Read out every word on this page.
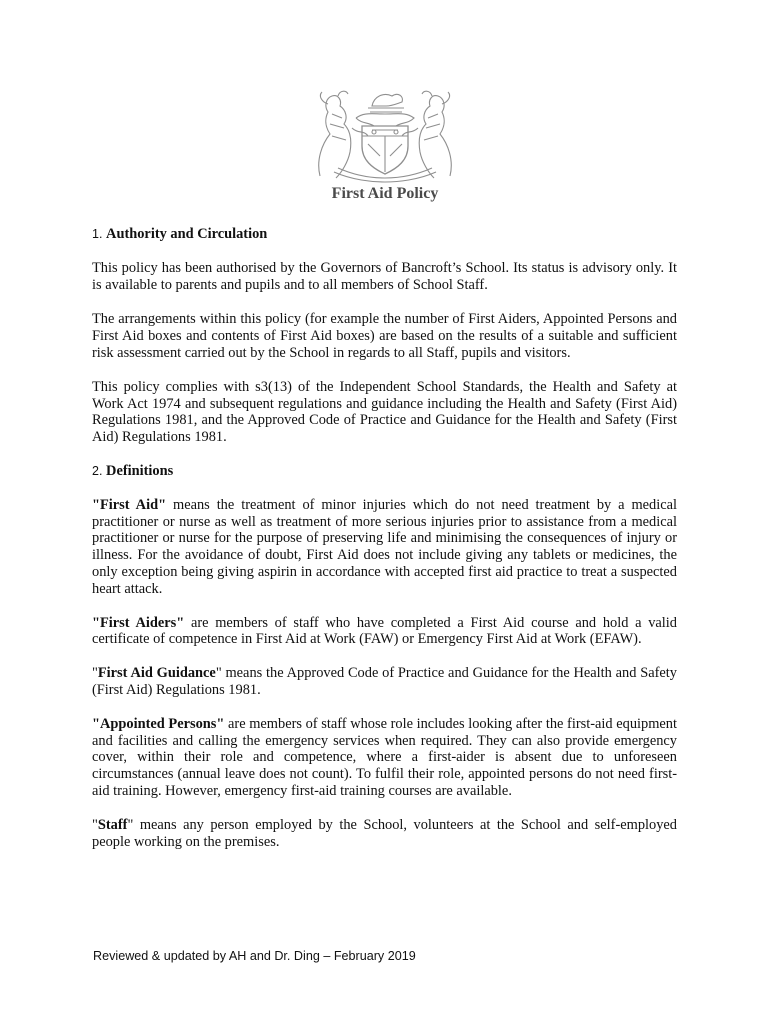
First Aid Policy
1. Authority and Circulation

This policy has been authorised by the Governors of Bancroft’s School. Its status is advisory only. It is available to parents and pupils and to all members of School Staff.

The arrangements within this policy (for example the number of First Aiders, Appointed Persons and First Aid boxes and contents of First Aid boxes) are based on the results of a suitable and sufficient risk assessment carried out by the School in regards to all Staff, pupils and visitors.

This policy complies with s3(13) of the Independent School Standards, the Health and Safety at Work Act 1974 and subsequent regulations and guidance including the Health and Safety (First Aid) Regulations 1981, and the Approved Code of Practice and Guidance for the Health and Safety (First Aid) Regulations 1981.

2. Definitions

"First Aid" means the treatment of minor injuries which do not need treatment by a medical practitioner or nurse as well as treatment of more serious injuries prior to assistance from a medical practitioner or nurse for the purpose of preserving life and minimising the consequences of injury or illness. For the avoidance of doubt, First Aid does not include giving any tablets or medicines, the only exception being giving aspirin in accordance with accepted first aid practice to treat a suspected heart attack.

"First Aiders" are members of staff who have completed a First Aid course and hold a valid certificate of competence in First Aid at Work (FAW) or Emergency First Aid at Work (EFAW).

"First Aid Guidance" means the Approved Code of Practice and Guidance for the Health and Safety (First Aid) Regulations 1981.

"Appointed Persons" are members of staff whose role includes looking after the first-aid equipment and facilities and calling the emergency services when required. They can also provide emergency cover, within their role and competence, where a first-aider is absent due to unforeseen circumstances (annual leave does not count). To fulfil their role, appointed persons do not need first-aid training. However, emergency first-aid training courses are available.

"Staff" means any person employed by the School, volunteers at the School and self-employed people working on the premises.

Reviewed & updated by AH and Dr. Ding – February 2019
